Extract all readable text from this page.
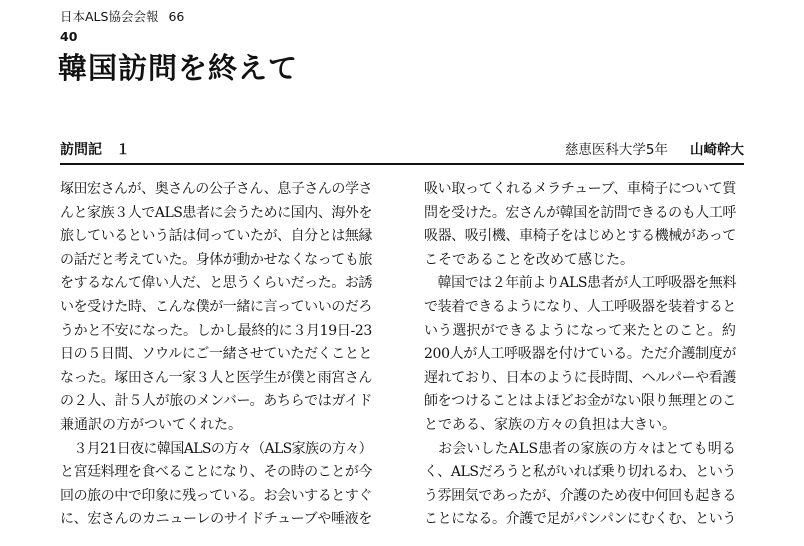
日本ALS協会会報 66
40
韓国訪問を終えて
訪問記　１	慈恵医科大学5年 山崎幹大
塚田宏さんが、奥さんの公子さん、息子さんの学さ
んと家族３人でALS患者に会うために国内、海外を
旅しているという話は伺っていたが、自分とは無縁
の話だと考えていた。身体が動かせなくなっても旅
をするなんて偉い人だ、と思うくらいだった。お誘
いを受けた時、こんな僕が一緒に言っていいのだろ
うかと不安になった。しかし最終的に３月19日-23
日の５日間、ソウルにご一緒させていただくことと
なった。塚田さん一家３人と医学生が僕と雨宮さん
の２人、計５人が旅のメンバー。あちらではガイド
兼通訳の方がついてくれた。
　３月21日夜に韓国ALSの方々（ALS家族の方々）
と宮廷料理を食べることになり、その時のことが今
回の旅の中で印象に残っている。お会いするとすぐ
に、宏さんのカニューレのサイドチューブや唾液を
吸い取ってくれるメラチューブ、車椅子について質
問を受けた。宏さんが韓国を訪問できるのも人工呼
吸器、吸引機、車椅子をはじめとする機械があって
こそであることを改めて感じた。
　韓国では２年前よりALS患者が人工呼吸器を無料
で装着できるようになり、人工呼吸器を装着すると
いう選択ができるようになって来たとのこと。約
200人が人工呼吸器を付けている。ただ介護制度が
遅れており、日本のように長時間、ヘルパーや看護
師をつけることはよほどお金がない限り無理とのこ
とである、家族の方々の負担は大きい。
　お会いしたALS患者の家族の方々はとても明る
く、ALSだろうと私がいれば乗り切れるわ、という
う雰囲気であったが、介護のため夜中何回も起きる
ことになる。介護で足がパンパンにむくむ、という
